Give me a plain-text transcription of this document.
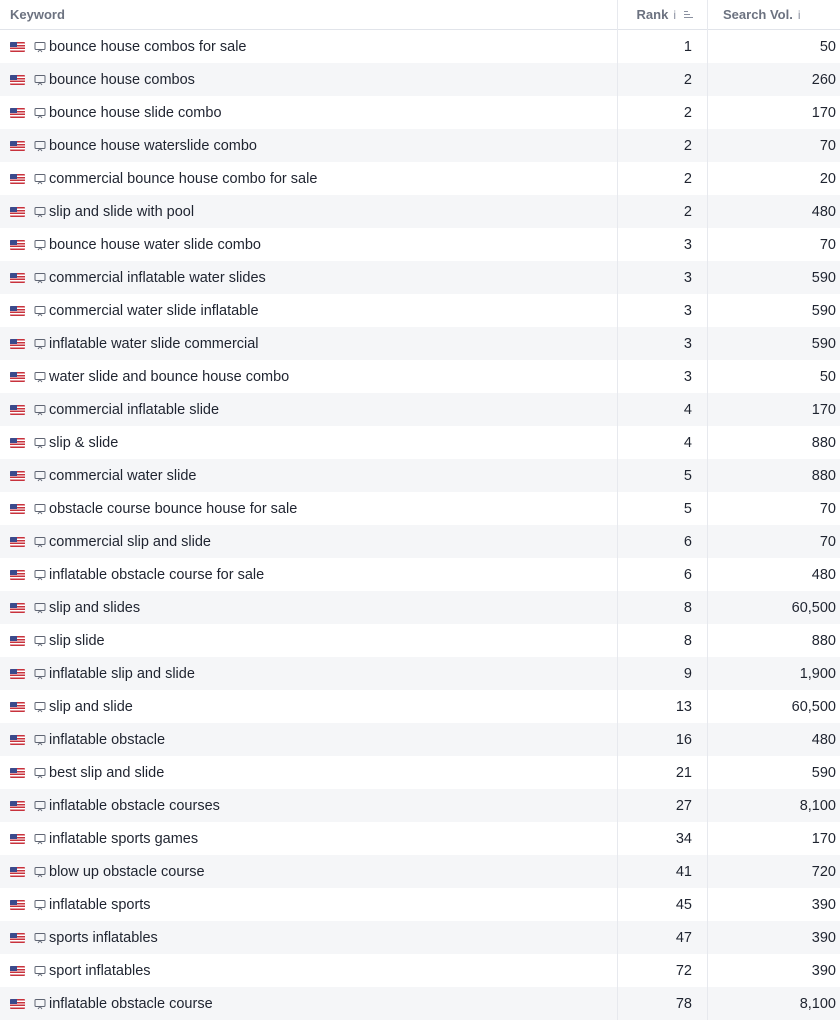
Keyword	Rank i	Search Vol. i
bounce house combos for sale	1	50
bounce house combos	2	260
bounce house slide combo	2	170
bounce house waterslide combo	2	70
commercial bounce house combo for sale	2	20
slip and slide with pool	2	480
bounce house water slide combo	3	70
commercial inflatable water slides	3	590
commercial water slide inflatable	3	590
inflatable water slide commercial	3	590
water slide and bounce house combo	3	50
commercial inflatable slide	4	170
slip & slide	4	880
commercial water slide	5	880
obstacle course bounce house for sale	5	70
commercial slip and slide	6	70
inflatable obstacle course for sale	6	480
slip and slides	8	60,500
slip slide	8	880
inflatable slip and slide	9	1,900
slip and slide	13	60,500
inflatable obstacle	16	480
best slip and slide	21	590
inflatable obstacle courses	27	8,100
inflatable sports games	34	170
blow up obstacle course	41	720
inflatable sports	45	390
sports inflatables	47	390
sport inflatables	72	390
inflatable obstacle course	78	8,100
